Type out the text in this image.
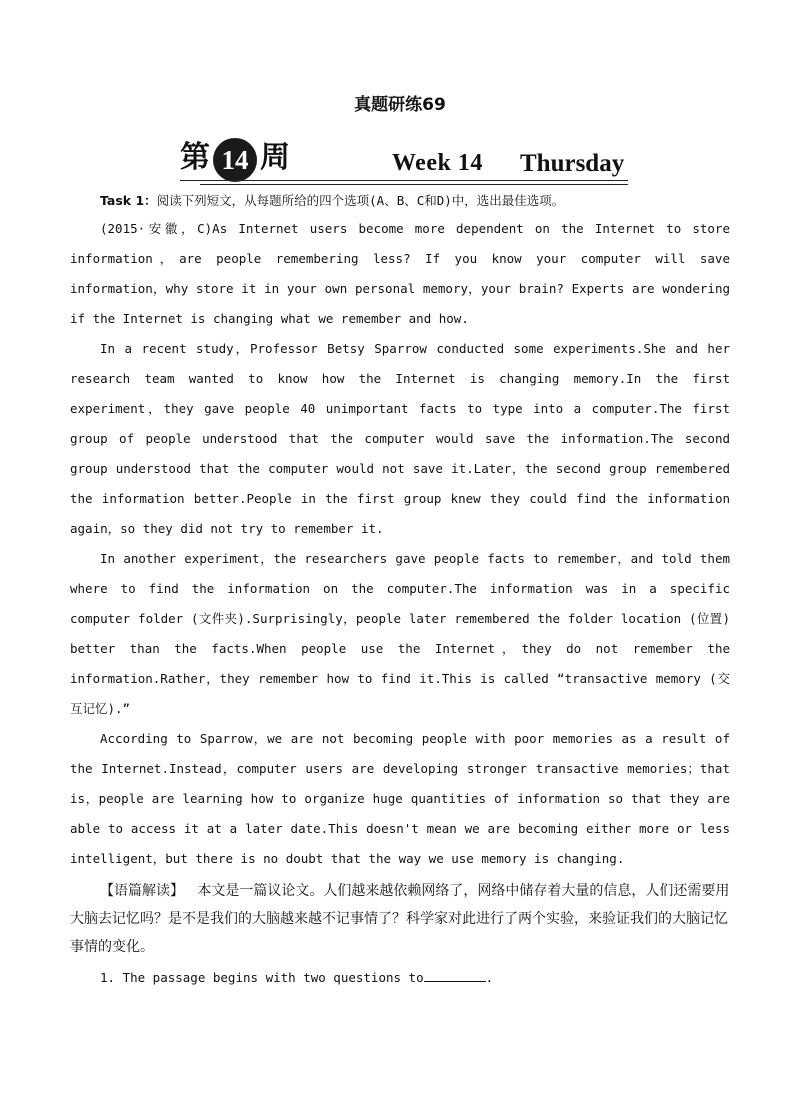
真题研练69
第 14 周	Week 14 Thursday
Task 1：阅读下列短文，从每题所给的四个选项(A、B、C和D)中，选出最佳选项。

(2015·安徽，C)As Internet users become more dependent on the Internet to store information，are people remembering less? If you know your computer will save information，why store it in your own personal memory，your brain? Experts are wondering if the Internet is changing what we remember and how.

In a recent study，Professor Betsy Sparrow conducted some experiments.She and her research team wanted to know how the Internet is changing memory.In the first experiment，they gave people 40 unimportant facts to type into a computer.The first group of people understood that the computer would save the information.The second group understood that the computer would not save it.Later，the second group remembered the information better.People in the first group knew they could find the information again，so they did not try to remember it.

In another experiment，the researchers gave people facts to remember，and told them where to find the information on the computer.The information was in a specific computer folder (文件夹).Surprisingly，people later remembered the folder location (位置) better than the facts.When people use the Internet，they do not remember the information.Rather，they remember how to find it.This is called “transactive memory (交互记忆).”

According to Sparrow，we are not becoming people with poor memories as a result of the Internet.Instead，computer users are developing stronger transactive memories；that is，people are learning how to organize huge quantities of information so that they are able to access it at a later date.This doesn't mean we are becoming either more or less intelligent，but there is no doubt that the way we use memory is changing.

【语篇解读】 本文是一篇议论文。人们越来越依赖网络了，网络中储存着大量的信息，人们还需要用大脑去记忆吗？是不是我们的大脑越来越不记事情了？科学家对此进行了两个实验，来验证我们的大脑记忆事情的变化。

1. The passage begins with two questions to	.
